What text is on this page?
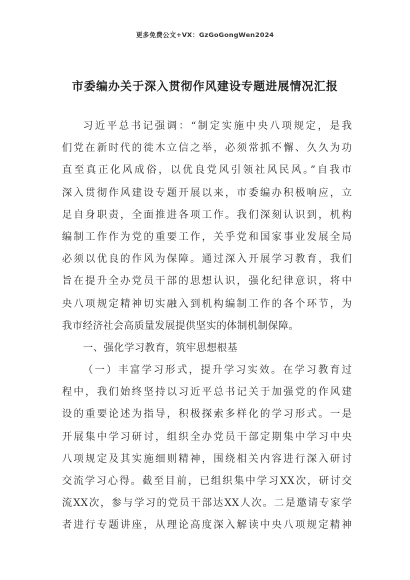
更多免费公文+VX：GzGoGongWen2024
市委编办关于深入贯彻作风建设专题进展情况汇报
习近平总书记强调：“制定实施中央八项规定，是我
们党在新时代的徙木立信之举，必须常抓不懈、久久为功
直至真正化风成俗，以优良党风引领社风民风。”自我市
深入贯彻作风建设专题开展以来，市委编办积极响应，立
足自身职责，全面推进各项工作。我们深刻认识到，机构
编制工作作为党的重要工作，关乎党和国家事业发展全局
必须以优良的作风为保障。通过深入开展学习教育，我们
旨在提升全办党员干部的思想认识，强化纪律意识，将中
央八项规定精神切实融入到机构编制工作的各个环节，为
我市经济社会高质量发展提供坚实的体制机制保障。
一、强化学习教育，筑牢思想根基
（一）丰富学习形式，提升学习实效。在学习教育过
程中，我们始终坚持以习近平总书记关于加强党的作风建
设的重要论述为指导，积极探索多样化的学习形式。一是
开展集中学习研讨，组织全办党员干部定期集中学习中央
八项规定及其实施细则精神，围绕相关内容进行深入研讨
交流学习心得。截至目前，已组织集中学习XX次，研讨交
流XX次，参与学习的党员干部达XX人次。二是邀请专家学
者进行专题讲座，从理论高度深入解读中央八项规定精神
